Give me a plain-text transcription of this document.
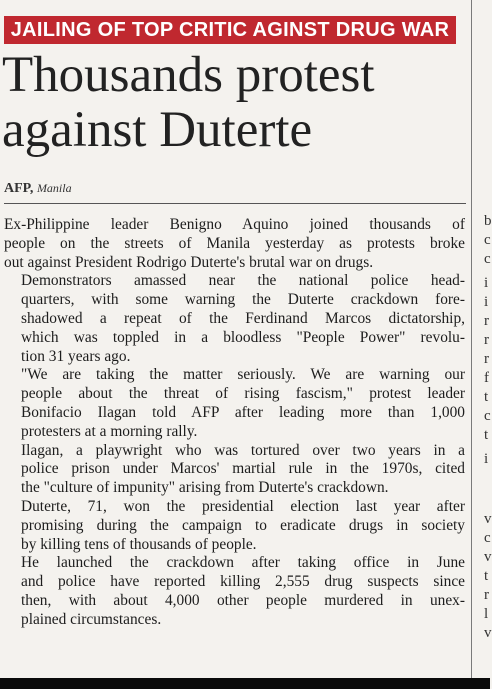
JAILING OF TOP CRITIC AGINST DRUG WAR
Thousands protest
against Duterte
AFP, Manila

Ex-Philippine leader Benigno Aquino joined thousands of
people on the streets of Manila yesterday as protests broke
out against President Rodrigo Duterte's brutal war on drugs.

Demonstrators amassed near the national police head-
quarters, with some warning the Duterte crackdown fore-
shadowed a repeat of the Ferdinand Marcos dictatorship,
which was toppled in a bloodless "People Power" revolu-
tion 31 years ago.

"We are taking the matter seriously. We are warning our
people about the threat of rising fascism," protest leader
Bonifacio Ilagan told AFP after leading more than 1,000
protesters at a morning rally.

Ilagan, a playwright who was tortured over two years in a
police prison under Marcos' martial rule in the 1970s, cited
the "culture of impunity" arising from Duterte's crackdown.

Duterte, 71, won the presidential election last year after
promising during the campaign to eradicate drugs in society
by killing tens of thousands of people.

He launched the crackdown after taking office in June
and police have reported killing 2,555 drug suspects since
then, with about 4,000 other people murdered in unex-
plained circumstances.

b
c
c
i
i
r
r
r
f
t
c
t
i
v
c
v
t
r
l
v
